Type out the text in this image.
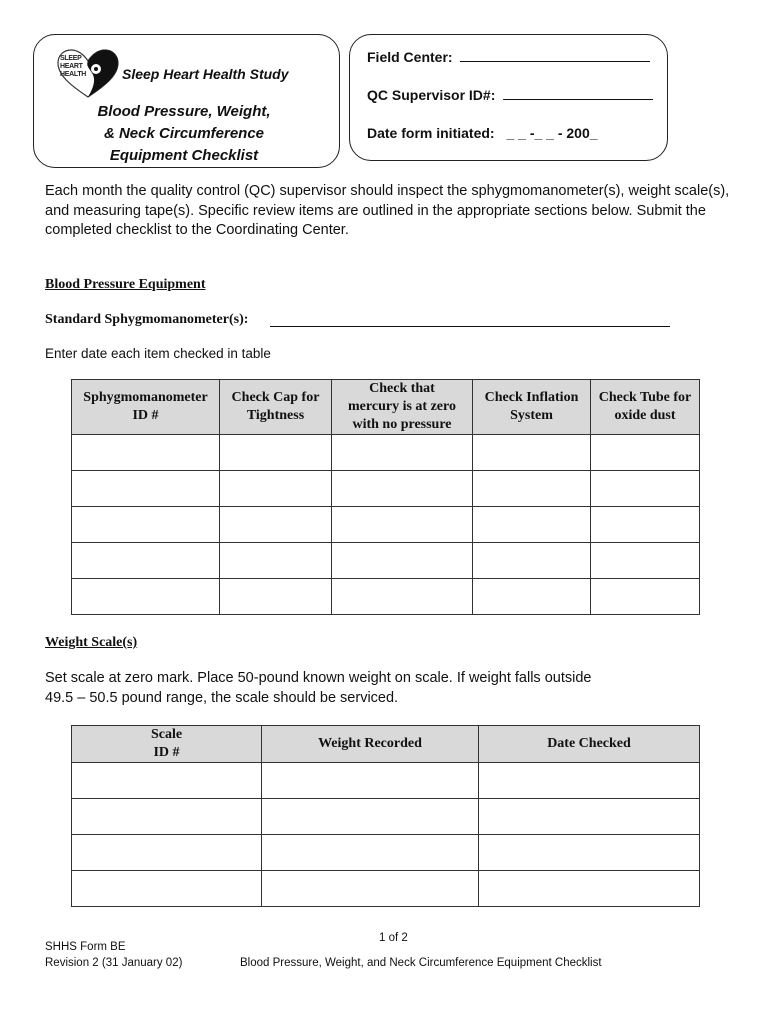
SLEEP
HEART
HEALTH	Sleep Heart Health Study
Blood Pressure, Weight,
& Neck Circumference
Equipment Checklist
Field Center:
QC Supervisor ID#:
Date form initiated: _ _ -_ _ - 200_
Each month the quality control (QC) supervisor should inspect the sphygmomanometer(s), weight scale(s), and measuring tape(s). Specific review items are outlined in the appropriate sections below. Submit the completed checklist to the Coordinating Center.
Blood Pressure Equipment
Standard Sphygmomanometer(s):
Enter date each item checked in table
Sphygmomanometer ID #	Check Cap for Tightness	Check that mercury is at zero with no pressure	Check Inflation System	Check Tube for oxide dust

Weight Scale(s)
Set scale at zero mark. Place 50-pound known weight on scale. If weight falls outside
49.5 – 50.5 pound range, the scale should be serviced.
Scale ID #	Weight Recorded	Date Checked

1 of 2
SHHS Form BE
Revision 2 (31 January 02)	Blood Pressure, Weight, and Neck Circumference Equipment Checklist
